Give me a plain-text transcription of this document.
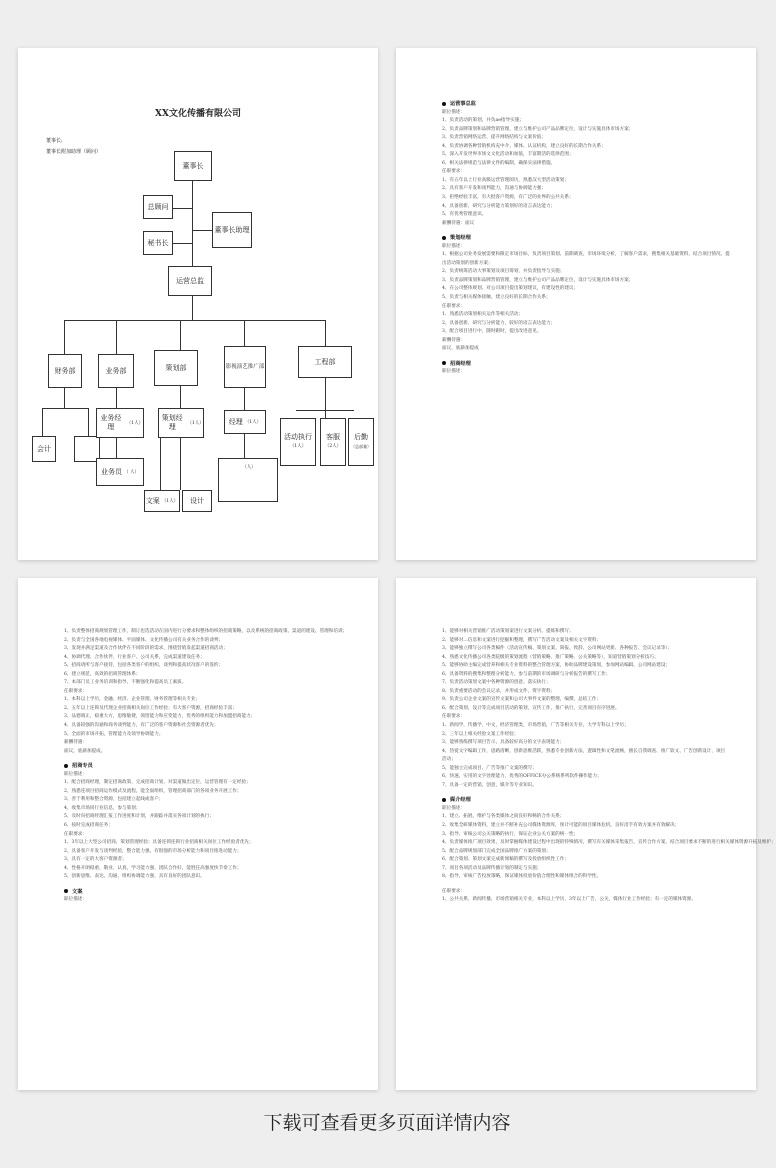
XX文化传播有限公司
董事长:
董事长附加助理（顾问）
董事长
总顾问
董事长助理
秘书长
运营总监
财务部	业务部	策划部	影视演艺推广部
工程部
会计
业务经理	（1人）
业务员 （ 人）
策划经理	（1人）
文案 （1人）	设计
经理 （1人）
（人）
活动执行
（1人）
客服
（2人）
后勤
（总部兼）
运营事总监
职位描述：
1、负责活动的策划，并负ae指导实施；
2、负责品牌策划和品牌营销管理，建立与维护公司产品品牌定位，设计与实施具体市场方案；
3、负责营销网络运营，提升网络结构与文案价值；
4、负责协调各种营销机构充中介、媒体、认证机构，建立良好的长期合作关系；
5、深入开发世界市场文文化活动和加值，丰富期活的选择范围；
6、相关法律规范与法律文件的编制，确保实法律措施。
任职要求：
1、有五年以上行业高级运营管理阅历，熟悉汉大型活动策划；
2、具有客户开发和谈判能力，沟通与协调能力强；
3、拒绝经验丰富，有大批客户资源，有广泛的业界的公共关系；
4、具备创新，研究与分析能力策划好的语言表达能力；
5、有优秀管理意识。
薪酬待遇：面议
策划经理
职位描述：
1、根据公司业务发展需要和限定市场目标，负责项目策划、前期调查、市场环境分析，了解客户需求，搜集相关基础资料，结合项目情况，提
出活动策划的创新方案；
2、负责统筹活动大事策划及项目筹划，并负责指导与实施；
3、负责品牌策划和品牌营销管理，建立与维护公司产品品牌定位，设计与实施具体市场方案；
4、在公司整体规划，对公司项目提出策划建议，有建设性的建议；
5、负责与相关媒体接触，建立良好的长期合作关系；
任职要求：
1、熟悉活动策划相关运作等相关活动；
2、具备创新，研究与分析能力，较好的语言表达能力；
3、配合项目进行中，随时跟时，提出改进意见。
薪酬待遇：
面议，底薪加提成
招商经理
职位描述：
1、负责整体招商规划管理工作，制订也选活动在国内进行分要求和整体组织的招商策略，以及系统的招商政策、渠道的建设、管理和培训；
2、负责与全国各地电视媒体、平面媒体、文化传播公司有关业务合作的谈判；
3、发现并满足渠道及合作伙伴在不同阶段的需求，围绕营销发起渠道招商活动；
4、协调代理、合作伙伴、行业客户、公司关系，完成渠道建设任务；
5、招商请所与客户接待，包括各类客户的组织、谈判和提高状况客户的签约；
6、建立规范，高效的招商管理体系；
7、本部门员工业务培训和指导，不断强化和提高员工素质。
任职要求：
1、本科以上学历，金融、经济、企业管理、财务管理等相关专业；
2、五年以上连锁及代理企业招商相关岗位工作经验；有大客户资源，招商经验丰富；
3、品德端正，稳重大方，思维敏捷，领悟能力和应变能力，优秀的组织能力和加盟招商能力；
4、具备较强的沟通和商务谈判能力，有广泛的客户资源和社会资源者优先；
5、全面的市场开拓，管理能力及领导协调能力。
薪酬待遇：
面议，底薪加提成。
招商专员
职位描述：
1、配合招商经理，制定招商政策，完成招商计划，对渠道做出定位，运营管理有一定经验；
2、熟悉连项目招商运作模式及流程，能全面组织，管理招商部门的各项业务开展工作；
3、善于利用和整合资源，包括建立起线或客户；
4、收集市场同行业信息，参与策划；
5、及时向招商经理汇报工作进度和计划，并跟踪并落实各项计划的执行；
6、按时完成招商任务；
任职要求：
1、3年以上大型公司招商、策划管理经验；具备连锁连锁行业招商相关岗位工作经验者优先；
2、具备客户开发与谈判经验，整合能力强，有很强的市场分析能力和项目推进动能力；
3、具有一定的大客户资源者；
4、性格开朗稳重，敬业、认真，学习能力强，团队合作好，能胜任高强度快节奏工作；
5、创新思维、表达、沟通、组织协调能力强，具有良好的团队意识。
文案
职位描述：
1、能够对相关营销推广活动策划案进行文案分析、提炼和撰写；
2、能够对…信息和文案进行挖掘和整理，撰写广告活动文案及相关文字资料；
3、能够独立撰写公司各类稿件（活动宣传稿、策划文案、简报、致辞、公司网站更新、各种报告、会议记录等）；
4、熟悉文化传播公司各类院级的策划流程（营销策略、推广策略、公关策略等），知道营销策划分析技巧；
5、能够协助主编完成营养和相关专业资料的整合管理方案，协助品牌建设策划，参加网站编辑，公司网站建设；
6、具备资料的搜集和整理分析能力，参与前期的市场调研与分析报告的撰写工作；
7、负责活动策划文案中各种资源的创意、落实执行；
8、负责重要活动的会议记录，并形成文件，资字资料；
9、负责公司企业文案的宣传文案和公司大事件文案的整理，编撰，总结工作；
6、配合策划，设计等完成项目活动的策划，宣传工作，推广执行，完善项目有序进展。
任职要求：
1、新闻学，传播学，中文，经济管理类，市场营销，广告等相关专业，大学专科以上学历；
2、三年以上相关经验文案工作经验；
3、能够熟练撰写项目告示，具备较好高分的文字表现能力；
4、热爱文字编辑工作，思路清晰，创新思维活跃，熟悉专业创新方法，逻辑性和文笔流畅，擅长自我调查、推广软文、广告创新设计，项目
活动；
5、能独立完成项目、广告等推广文案的撰写；
6、快速，实用的文字处理能力，优秀的OFFICE办公系统系列软件操作能力；
7、具备一定的营销，创意，媒介等专业知识。
媒介经理
职位描述：
1、建立、拓展、维护与各类媒体之间良好和畅的合作关系；
2、收集全研媒体资料，建立并不断补充公司媒体资源库，预计可能的项目媒体危机，良好沿手有效方案并有效解决；
3、指导、审核公司公关策略的执行，保证企业公关方案的统一性；
4、负责媒体推广项目效果，及时掌握媒体建设过程中出现的特殊情况，撰写有关媒体采集报告、宣传合作方案，结合项目要求不断的进行相关媒体资源开拓及维护；
5、配合品牌规划部门完成全国品牌推广方案的策划；
6、配合策划、策划文案完成新闻稿的撰写及投放组织性工作；
7、项目各项活动及品牌传播计划的制定与实施；
8、指导，审核广告投放策略，保证媒体投放价值合理性和媒体组合的科学性。
任职要求：
1、公共关系，新闻传播，市场营销相关专业，本科以上学历，3年以上广告，公关，媒体行业工作经验；有一定的媒体资源。
下载可查看更多页面详情内容
